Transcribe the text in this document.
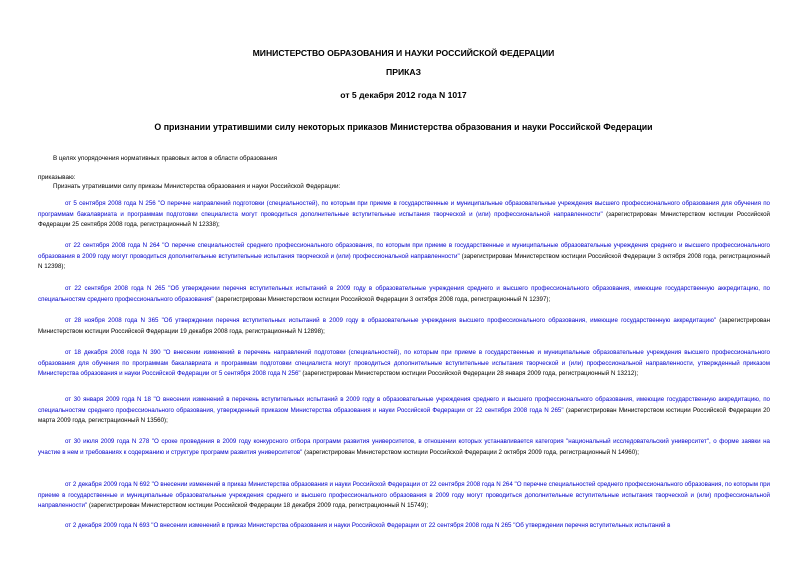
МИНИСТЕРСТВО ОБРАЗОВАНИЯ И НАУКИ РОССИЙСКОЙ ФЕДЕРАЦИИ
ПРИКАЗ
от 5 декабря 2012 года N 1017
О признании утратившими силу некоторых приказов Министерства образования и науки Российской Федерации
В целях упорядочения нормативных правовых актов в области образования
приказываю:
Признать утратившими силу приказы Министерства образования и науки Российской Федерации:
от 5 сентября 2008 года N 256 "О перечне направлений подготовки (специальностей), по которым при приеме в государственные и муниципальные образовательные учреждения высшего профессионального образования для обучения по программам бакалавриата и программам подготовки специалиста могут проводиться дополнительные вступительные испытания творческой и (или) профессиональной направленности" (зарегистрирован Министерством юстиции Российской Федерации 25 сентября 2008 года, регистрационный N 12338);
от 22 сентября 2008 года N 264 "О перечне специальностей среднего профессионального образования, по которым при приеме в государственные и муниципальные образовательные учреждения среднего и высшего профессионального образования в 2009 году могут проводиться дополнительные вступительные испытания творческой и (или) профессиональной направленности" (зарегистрирован Министерством юстиции Российской Федерации 3 октября 2008 года, регистрационный N 12398);
от 22 сентября 2008 года N 265 "Об утверждении перечня вступительных испытаний в 2009 году в образовательные учреждения среднего и высшего профессионального образования, имеющие государственную аккредитацию, по специальностям среднего профессионального образования" (зарегистрирован Министерством юстиции Российской Федерации 3 октября 2008 года, регистрационный N 12397);
от 28 ноября 2008 года N 365 "Об утверждении перечня вступительных испытаний в 2009 году в образовательные учреждения высшего профессионального образования, имеющие государственную аккредитацию" (зарегистрирован Министерством юстиции Российской Федерации 19 декабря 2008 года, регистрационный N 12898);
от 18 декабря 2008 года N 390 "О внесении изменений в перечень направлений подготовки (специальностей), по которым при приеме в государственные и муниципальные образовательные учреждения высшего профессионального образования для обучения по программам бакалавриата и программам подготовки специалиста могут проводиться дополнительные вступительные испытания творческой и (или) профессиональной направленности, утвержденный приказом Министерства образования и науки Российской Федерации от 5 сентября 2008 года N 256" (зарегистрирован Министерством юстиции Российской Федерации 28 января 2009 года, регистрационный N 13212);
от 30 января 2009 года N 18 "О внесении изменений в перечень вступительных испытаний в 2009 году в образовательные учреждения среднего и высшего профессионального образования, имеющие государственную аккредитацию, по специальностям среднего профессионального образования, утвержденный приказом Министерства образования и науки Российской Федерации от 22 сентября 2008 года N 265" (зарегистрирован Министерством юстиции Российской Федерации 20 марта 2009 года, регистрационный N 13560);
от 30 июля 2009 года N 278 "О сроке проведения в 2009 году конкурсного отбора программ развития университетов, в отношении которых устанавливается категория "национальный исследовательский университет", о форме заявки на участие в нем и требованиях к содержанию и структуре программ развития университетов" (зарегистрирован Министерством юстиции Российской Федерации 2 октября 2009 года, регистрационный N 14960);
от 2 декабря 2009 года N 692 "О внесении изменений в приказ Министерства образования и науки Российской Федерации от 22 сентября 2008 года N 264 "О перечне специальностей среднего профессионального образования, по которым при приеме в государственные и муниципальные образовательные учреждения среднего и высшего профессионального образования в 2009 году могут проводиться дополнительные вступительные испытания творческой и (или) профессиональной направленности" (зарегистрирован Министерством юстиции Российской Федерации 18 декабря 2009 года, регистрационный N 15749);
от 2 декабря 2009 года N 693 "О внесении изменений в приказ Министерства образования и науки Российской Федерации от 22 сентября 2008 года N 265 "Об утверждении перечня вступительных испытаний в
